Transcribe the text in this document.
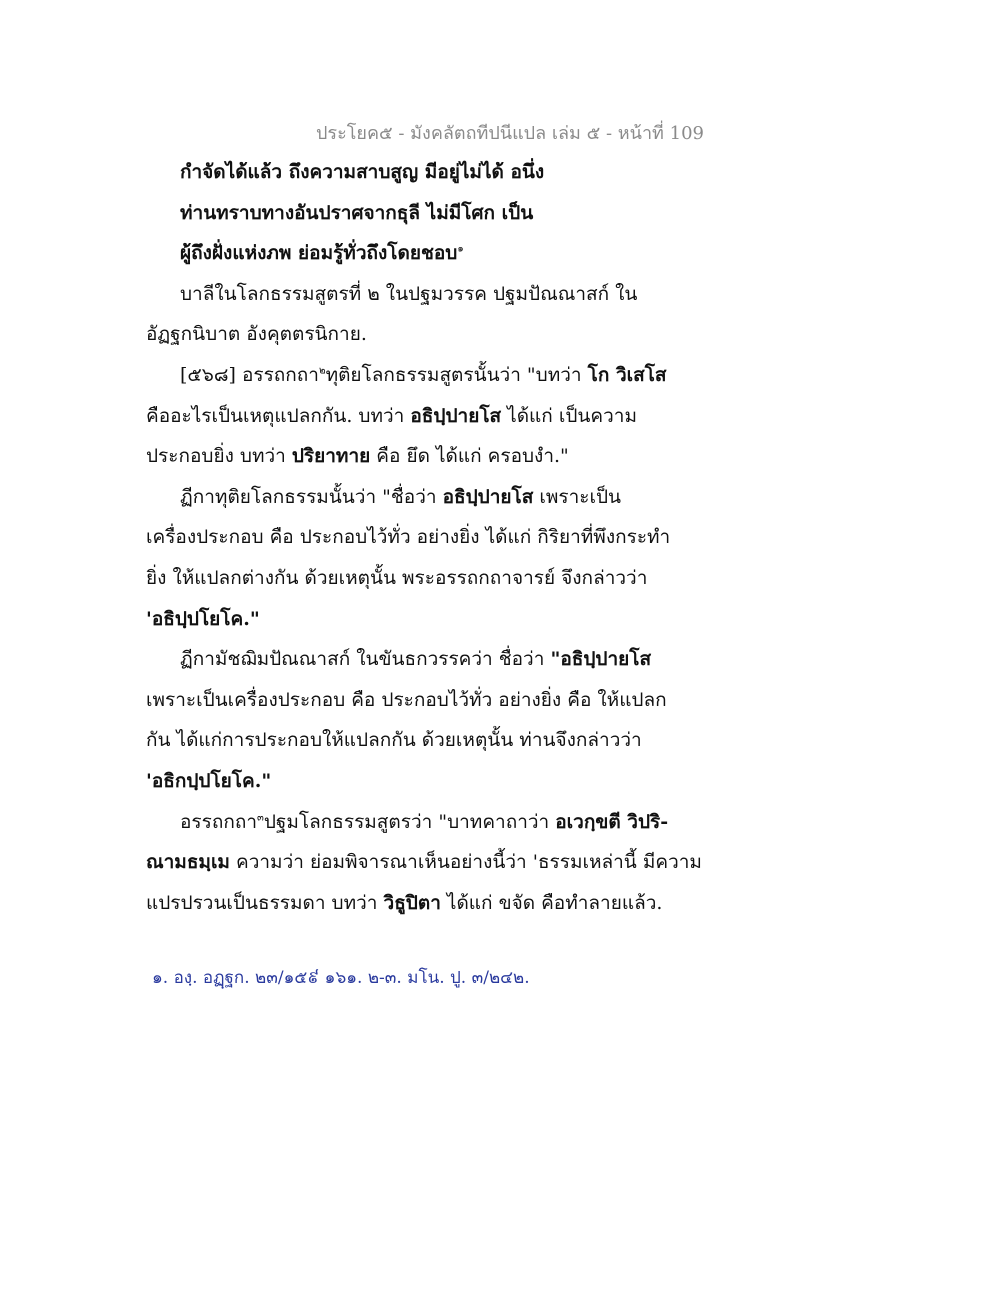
ประโยค๕ - มังคลัตถทีปนีแปล เล่ม ๕ - หน้าที่ 109
กำจัดได้แล้ว ถึงความสาบสูญ มีอยู่ไม่ได้ อนึ่ง
ท่านทราบทางอันปราศจากธุลี ไม่มีโศก เป็น
ผู้ถึงฝั่งแห่งภพ ย่อมรู้ทั่วถึงโดยชอบ$^๑$
บาลีในโลกธรรมสูตรที่ ๒ ในปฐมวรรค ปฐมปัณณาสก์ ใน
อัฏฐกนิบาต อังคุตตรนิกาย.
[๕๖๘] อรรถกถา$^๒$ทุติยโลกธรรมสูตรนั้นว่า "บทว่า โก วิเสโส
คืออะไรเป็นเหตุแปลกกัน. บทว่า อธิปฺปายโส ได้แก่ เป็นความ
ประกอบยิ่ง บทว่า ปริยาทาย คือ ยึด ได้แก่ ครอบงำ."
ฏีกาทุติยโลกธรรมนั้นว่า "ชื่อว่า อธิปฺปายโส เพราะเป็น
เครื่องประกอบ คือ ประกอบไว้ทั่ว อย่างยิ่ง ได้แก่ กิริยาที่พึงกระทำ
ยิ่ง ให้แปลกต่างกัน ด้วยเหตุนั้น พระอรรถกถาจารย์ จึงกล่าวว่า
'อธิปฺปโยโค."
ฏีกามัชฌิมปัณณาสก์ ในขันธกวรรคว่า ชื่อว่า "อธิปฺปายโส
เพราะเป็นเครื่องประกอบ คือ ประกอบไว้ทั่ว อย่างยิ่ง คือ ให้แปลก
กัน ได้แก่การประกอบให้แปลกกัน ด้วยเหตุนั้น ท่านจึงกล่าวว่า
'อธิกปฺปโยโค."
อรรถกถา$^๓$ปฐมโลกธรรมสูตรว่า "บาทคาถาว่า อเวกฺขตี วิปริ-
ณามธมฺเม ความว่า ย่อมพิจารณาเห็นอย่างนี้ว่า 'ธรรมเหล่านี้ มีความ
แปรปรวนเป็นธรรมดา บทว่า วิธูปิตา ได้แก่ ขจัด คือทำลายแล้ว.
๑. องฺ. อฏฺฐก. ๒๓/๑๕៩ ๑๖๑. ๒-๓. มโน. ปู. ๓/๒๔๒.
